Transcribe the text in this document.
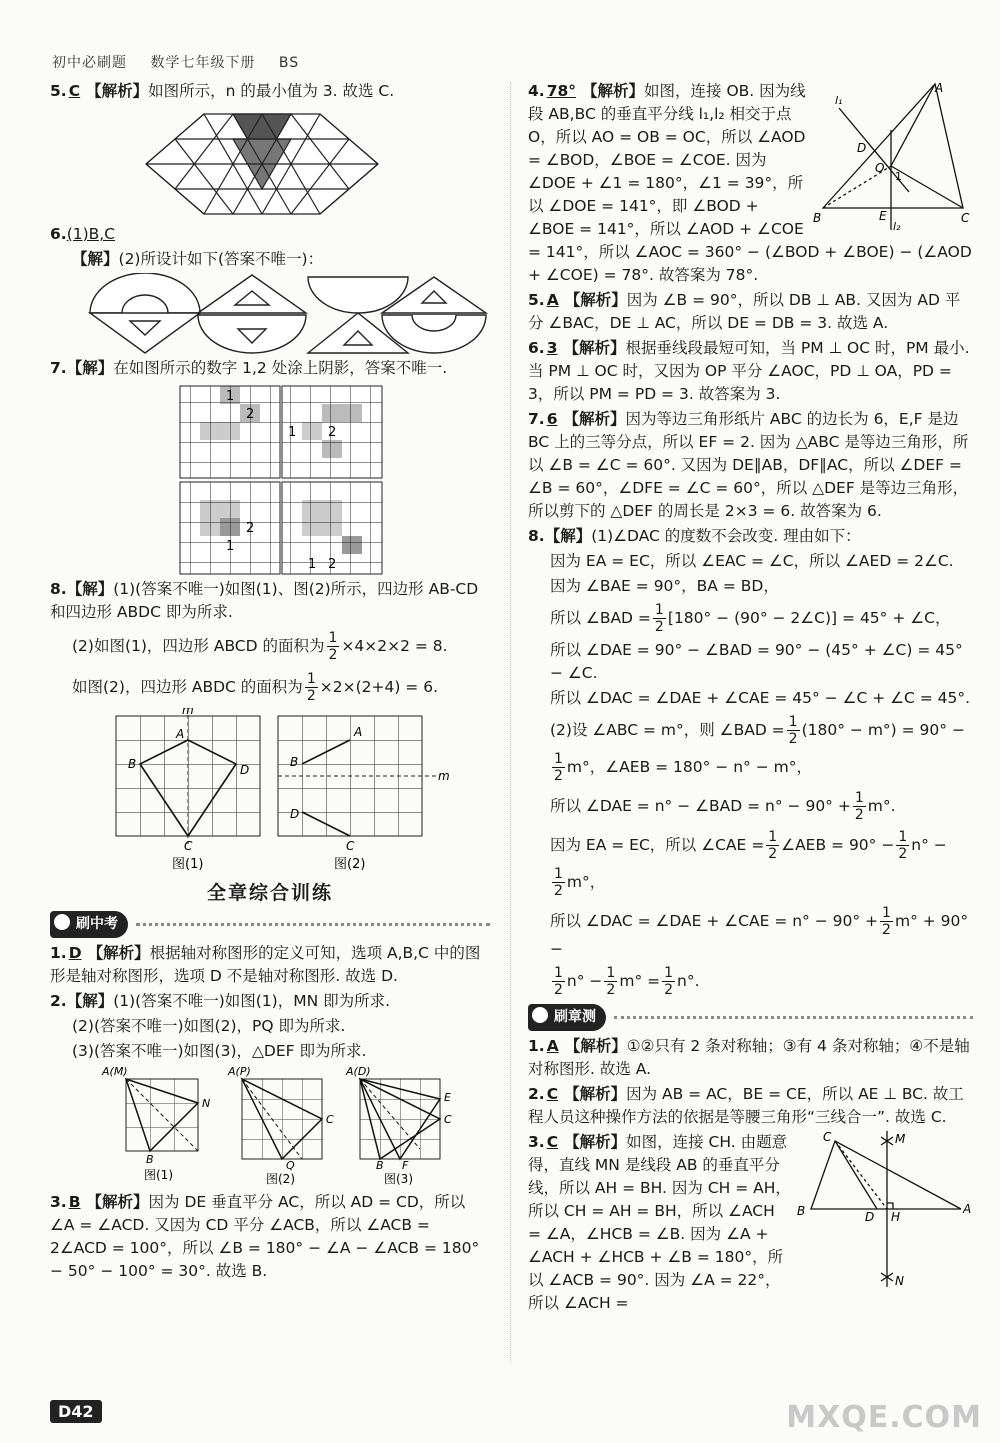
初中必刷题 数学七年级下册 BS
5. C 【解析】如图所示，n 的最小值为 3. 故选 C.
6.(1)B,C
【解】(2)所设计如下(答案不唯一)：
7.【解】在如图所示的数字 1,2 处涂上阴影，答案不唯一.
1
2
1 2
2
1
1 2
8.【解】(1)(答案不唯一)如图(1)、图(2)所示，四边形 AB-CD 和四边形 ABDC 即为所求.
(2)如图(1)，四边形 ABCD 的面积为 $\frac{1}{2} \times 4\times 2\times 2 = 8$.
如图(2)，四边形 ABDC 的面积为 $\frac{1}{2} \times 2\times(2+4) = 6$.
m
A
B	D
C
图(1)
A
B
m
D
C
图(2)
全章综合训练
刷中考
1. D 【解析】根据轴对称图形的定义可知，选项 A,B,C 中的图形是轴对称图形，选项 D 不是轴对称图形. 故选 D.
2.【解】(1)(答案不唯一)如图(1)，MN 即为所求.
(2)(答案不唯一)如图(2)，PQ 即为所求.
(3)(答案不唯一)如图(3)，△DEF 即为所求.
A(M)
N
B
图(1)
A(P)
C
Q
图(2)
A(D)
E
C
B F
图(3)
3. B 【解析】因为 DE 垂直平分 AC，所以 AD = CD，所以 ∠A = ∠ACD. 又因为 CD 平分 ∠ACB，所以 ∠ACB = 2∠ACD = 100°，所以 ∠B = 180° − ∠A − ∠ACB = 180° − 50° − 100° = 30°. 故选 B.
A
B	C
D
E
O
1
l₁
l₂
4. 78° 【解析】如图，连接 OB. 因为线段 AB,BC 的垂直平分线 l₁,l₂ 相交于点 O，所以 AO = OB = OC，所以 ∠AOD = ∠BOD，∠BOE = ∠COE. 因为 ∠DOE + ∠1 = 180°，∠1 = 39°，所以 ∠DOE = 141°，即 ∠BOD + ∠BOE = 141°，所以 ∠AOD + ∠COE = 141°，所以 ∠AOC = 360° − (∠BOD + ∠BOE) − (∠AOD + ∠COE) = 78°. 故答案为 78°.
5. A 【解析】因为 ∠B = 90°，所以 DB ⊥ AB. 又因为 AD 平分 ∠BAC，DE ⊥ AC，所以 DE = DB = 3. 故选 A.
6. 3 【解析】根据垂线段最短可知，当 PM ⊥ OC 时，PM 最小. 当 PM ⊥ OC 时，又因为 OP 平分 ∠AOC，PD ⊥ OA，PD = 3，所以 PM = PD = 3. 故答案为 3.
7. 6 【解析】因为等边三角形纸片 ABC 的边长为 6，E,F 是边 BC 上的三等分点，所以 EF = 2. 因为 △ABC 是等边三角形，所以 ∠B = ∠C = 60°. 又因为 DE∥AB，DF∥AC，所以 ∠DEF = ∠B = 60°，∠DFE = ∠C = 60°，所以 △DEF 是等边三角形，所以剪下的 △DEF 的周长是 2×3 = 6. 故答案为 6.
8.【解】(1)∠DAC 的度数不会改变. 理由如下：
因为 EA = EC，所以 ∠EAC = ∠C，所以 ∠AED = 2∠C.
因为 ∠BAE = 90°，BA = BD，
所以 ∠BAD = $\frac{1}{2} [180^\circ - (90^\circ$ − 2∠C)] = 45° + ∠C，
所以 ∠DAE = 90° − ∠BAD = 90° − (45° + ∠C) = 45° − ∠C.
所以 ∠DAC = ∠DAE + ∠CAE = 45° − ∠C + ∠C = 45°.
(2)设 ∠ABC = m°，则 ∠BAD = $\frac{1}{2} (180^\circ - m^\circ) = 90^\circ$ −
$\frac{1}{2} m^\circ$，∠AEB = 180° − n° − m°，
所以 ∠DAE = n° − ∠BAD = $n^\circ - 90^\circ + \frac{1}{2} m^\circ$.
因为 EA = EC，所以 ∠CAE = $\frac{1}{2}$ ∠AEB = $90^\circ - \frac{1}{2} n^\circ$ −
$\frac{1}{2} m^\circ$，
所以 ∠DAC = ∠DAE + ∠CAE = $n^\circ - 90^\circ + \frac{1}{2} m^\circ + 90^\circ$ −
$\frac{1}{2} n^\circ - \frac{1}{2} m^\circ = \frac{1}{2} n^\circ$.
刷章测
1. A 【解析】①②只有 2 条对称轴；③有 4 条对称轴；④不是轴对称图形. 故选 A.
2. C 【解析】因为 AB = AC，BE = CE，所以 AE ⊥ BC. 故工程人员这种操作方法的依据是等腰三角形“三线合一”. 故选 C.
C	M
B	D H
A
N
3. C 【解析】如图，连接 CH. 由题意得，直线 MN 是线段 AB 的垂直平分线，所以 AH = BH. 因为 CH = AH，所以 CH = AH = BH，所以 ∠ACH = ∠A，∠HCB = ∠B. 因为 ∠A + ∠ACH + ∠HCB + ∠B = 180°，所以 ∠ACB = 90°. 因为 ∠A = 22°，所以 ∠ACH =
D42	MXQE.COM
